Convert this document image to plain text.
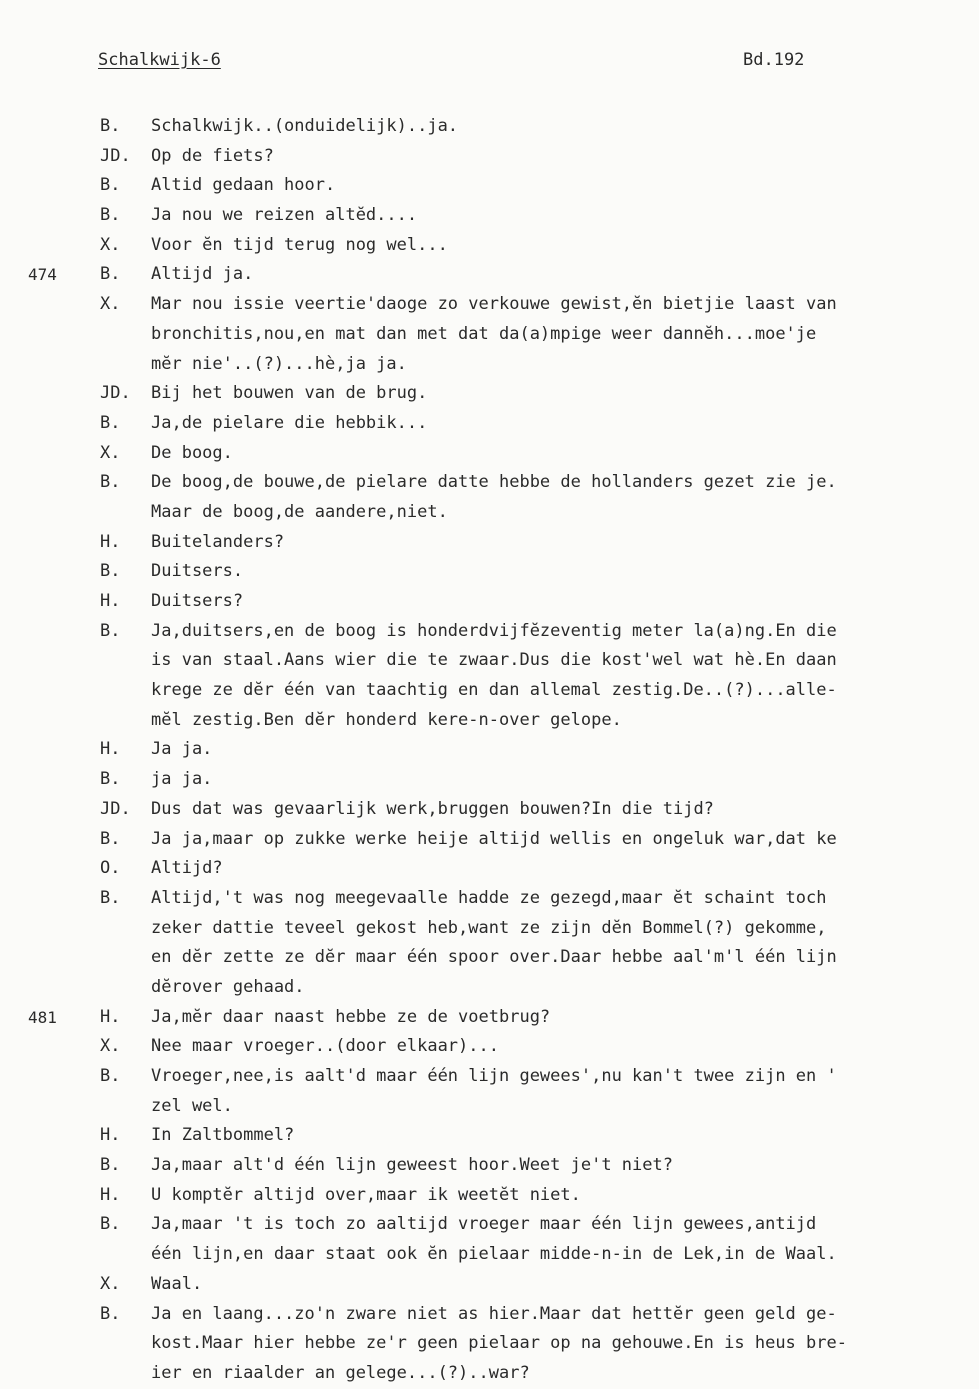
Schalkwijk-6	Bd.192
B. Schalkwijk..(onduidelijk)..ja.
JD. Op de fiets?
B. Altid gedaan hoor.
B. Ja nou we reizen altĕd....
X. Voor ĕn tijd terug nog wel...
474	B. Altijd ja.
X. Mar nou issie veertie'daoge zo verkouwe gewist,ĕn bietjie laast van
bronchitis,nou,en mat dan met dat da(a)mpige weer dannĕh...moe'je
mĕr nie'..(?)...hè,ja ja.
JD. Bij het bouwen van de brug.
B. Ja,de pielare die hebbik...
X. De boog.
B. De boog,de bouwe,de pielare datte hebbe de hollanders gezet zie je.
Maar de boog,de aandere,niet.
H. Buitelanders?
B. Duitsers.
H. Duitsers?
B. Ja,duitsers,en de boog is honderdvijfĕzeventig meter la(a)ng.En die
is van staal.Aans wier die te zwaar.Dus die kost'wel wat hè.En daan
krege ze dĕr één van taachtig en dan allemal zestig.De..(?)...alle-
mĕl zestig.Ben dĕr honderd kere-n-over gelope.
H. Ja ja.
B. ja ja.
JD. Dus dat was gevaarlijk werk,bruggen bouwen?In die tijd?
B. Ja ja,maar op zukke werke heije altijd wellis en ongeluk war,dat ke
O. Altijd?
B. Altijd,'t was nog meegevaalle hadde ze gezegd,maar ĕt schaint toch
zeker dattie teveel gekost heb,want ze zijn dĕn Bommel(?) gekomme,
en dĕr zette ze dĕr maar één spoor over.Daar hebbe aal'm'l één lijn
dĕrover gehaad.
481	H. Ja,mĕr daar naast hebbe ze de voetbrug?
X. Nee maar vroeger..(door elkaar)...
B. Vroeger,nee,is aalt'd maar één lijn gewees',nu kan't twee zijn en '
zel wel.
H. In Zaltbommel?
B. Ja,maar alt'd één lijn geweest hoor.Weet je't niet?
H. U komptĕr altijd over,maar ik weetĕt niet.
B. Ja,maar 't is toch zo aaltijd vroeger maar één lijn gewees,antijd
één lijn,en daar staat ook ĕn pielaar midde-n-in de Lek,in de Waal.
X. Waal.
B. Ja en laang...zo'n zware niet as hier.Maar dat hettĕr geen geld ge-
kost.Maar hier hebbe ze'r geen pielaar op na gehouwe.En is heus bre-
ier en riaalder an gelege...(?)..war?
